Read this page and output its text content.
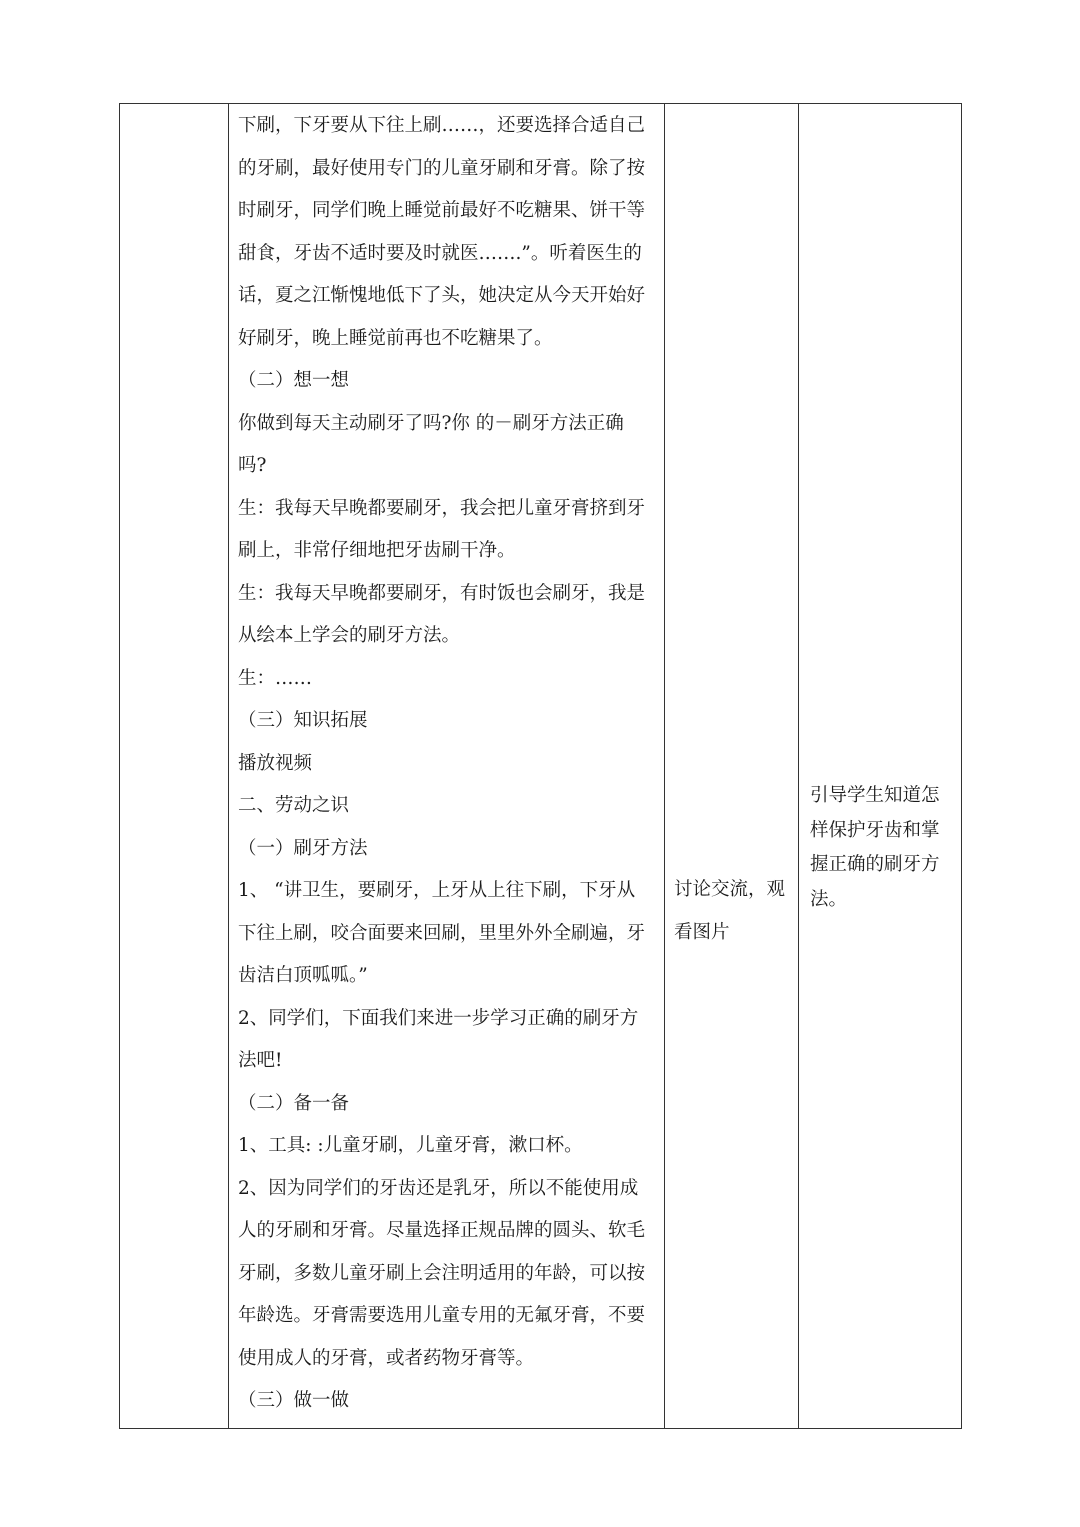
下刷，下牙要从下往上刷……，还要选择合适自己
的牙刷，最好使用专门的儿童牙刷和牙膏。除了按
时刷牙，同学们晚上睡觉前最好不吃糖果、饼干等
甜食，牙齿不适时要及时就医…….”。听着医生的
话，夏之江惭愧地低下了头，她决定从今天开始好
好刷牙，晚上睡觉前再也不吃糖果了。
（二）想一想
你做到每天主动刷牙了吗?你 的－刷牙方法正确
吗?
生：我每天早晚都要刷牙，我会把儿童牙膏挤到牙
刷上，非常仔细地把牙齿刷干净。
生：我每天早晚都要刷牙，有时饭也会刷牙，我是
从绘本上学会的刷牙方法。
生：……
（三）知识拓展
播放视频
二、劳动之识
（一）刷牙方法
1、 “讲卫生，要刷牙，上牙从上往下刷，下牙从
下往上刷，咬合面要来回刷，里里外外全刷遍，牙
齿洁白顶呱呱。”
2、同学们，下面我们来进一步学习正确的刷牙方
法吧!
（二）备一备
1、工具: :儿童牙刷，儿童牙膏，漱口杯。
2、因为同学们的牙齿还是乳牙，所以不能使用成
人的牙刷和牙膏。尽量选择正规品牌的圆头、软毛
牙刷，多数儿童牙刷上会注明适用的年龄，可以按
年龄选。牙膏需要选用儿童专用的无氟牙膏，不要
使用成人的牙膏，或者药物牙膏等。
（三）做一做
讨论交流，观
看图片
引导学生知道怎
样保护牙齿和掌
握正确的刷牙方
法。
